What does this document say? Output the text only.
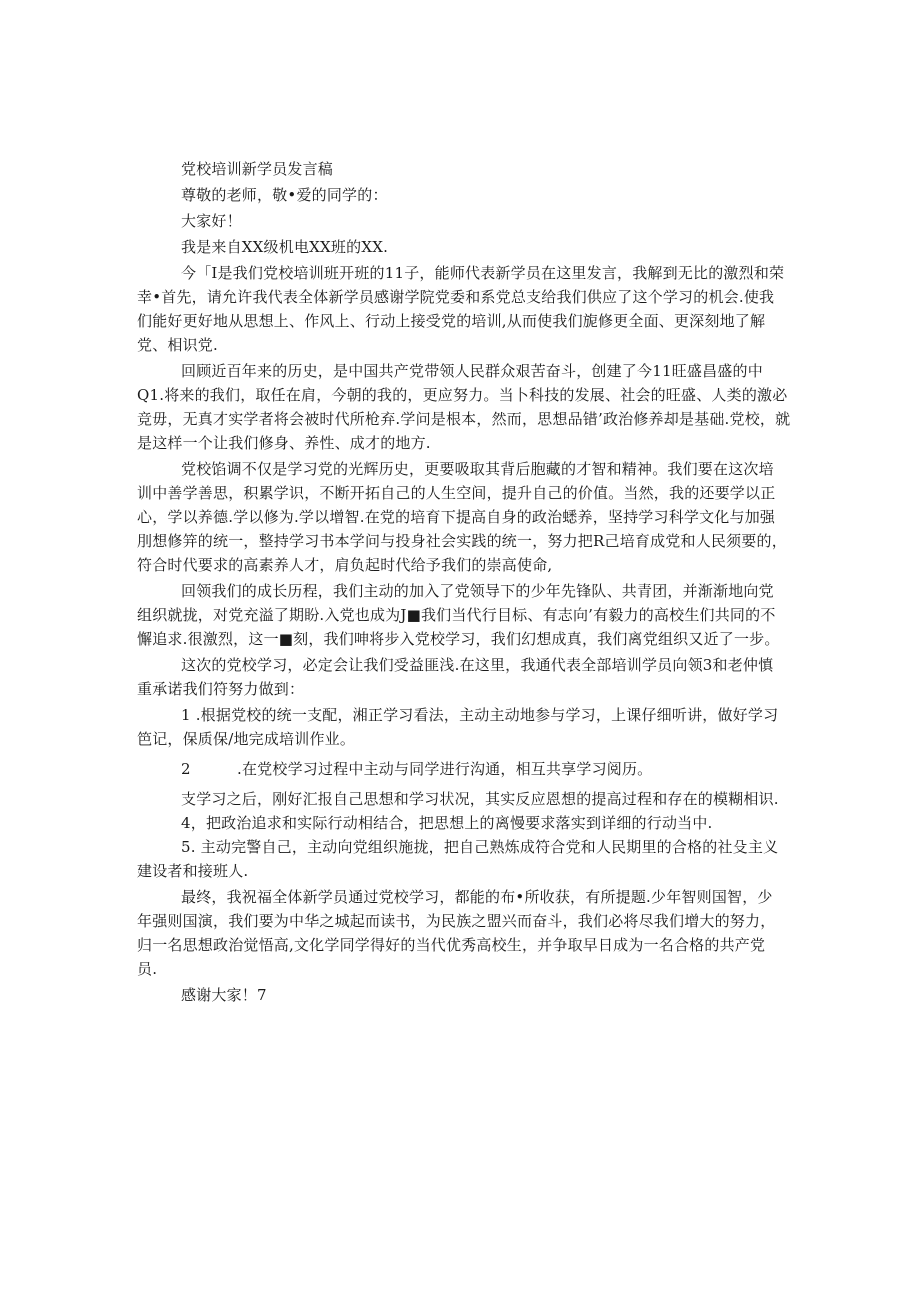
党校培训新学员发言稿
尊敬的老师，敬•爱的同学的：
大家好！
我是来自XX级机电XX班的XX.
今「I是我们党校培训班开班的11子，能师代表新学员在这里发言，我解到无比的激烈和荣
幸•首先，请允许我代表全体新学员感谢学院党委和系党总支给我们供应了这个学习的机会.使我
们能好更好地从思想上、作风上、行动上接受党的培训,从而使我们旎修更全面、更深刻地了解
党、相识党.
回顾近百年来的历史，是中国共产党带领人民群众艰苦奋斗，创建了今11旺盛昌盛的中
Q1.将来的我们，取任在肩，今朝的我的，更应努力。当卜科技的发展、社会的旺盛、人类的激必
竞毋，无真才实学者将会被时代所枪弃.学问是根本，然而，思想品错’政治修养却是基础.党校，就
是这样一个让我们修身、养性、成才的地方.
党校馅调不仅是学习党的光辉历史，更要吸取其背后胞藏的才智和精神。我们要在这次培
训中善学善思，积累学识，不断开拓自己的人生空间，提升自己的价值。当然，我的还要学以正
心，学以养德.学以修为.学以增智.在党的培育下提高自身的政治蟋养，坚持学习科学文化与加强
刖想修笄的统一，整持学习书本学问与投身社会实践的统一，努力把R己培育成党和人民须要的，
符合时代要求的高素养人才，肩负起时代给予我们的崇高使命,
回领我们的成长历程，我们主动的加入了党领导下的少年先锋队、共青团，并渐渐地向党
组织就拢，对党充溢了期盼.入党也成为J■我们当代行目标、有志向’有毅力的高校生们共同的不
懈追求.很激烈，这一■刻，我们呻将步入党校学习，我们幻想成真，我们离党组织又近了一步。
这次的党校学习，必定会让我们受益匪浅.在这里，我通代表全部培训学员向领3和老仲慎
重承诺我们符努力做到：
1 .根据党校的统一支配，湘正学习看法，主动主动地参与学习，上课仔细听讲，做好学习
笆记，保质保/地完成培训作业。
2	.在党校学习过程中主动与同学进行沟通，相互共享学习阅历。
支学习之后，刚好汇报自己思想和学习状况，其实反应恩想的提高过程和存在的模糊相识.
4，把政治追求和实际行动相结合，把思想上的离慢要求落实到详细的行动当中.
5. 主动完警自己，主动向党组织施拢，把自己熟炼成符合党和人民期里的合格的社殳主义
建设者和接班人.
最终，我祝福全体新学员通过党校学习，都能的布•所收获，有所提题.少年智则国智，少
年强则国演，我们要为中华之城起而读书，为民族之盟兴而奋斗，我们必将尽我们增大的努力，
归一名思想政治觉悟高,文化学同学得好的当代优秀高校生，并争取早日成为一名合格的共产党
员.
感谢大家！7
